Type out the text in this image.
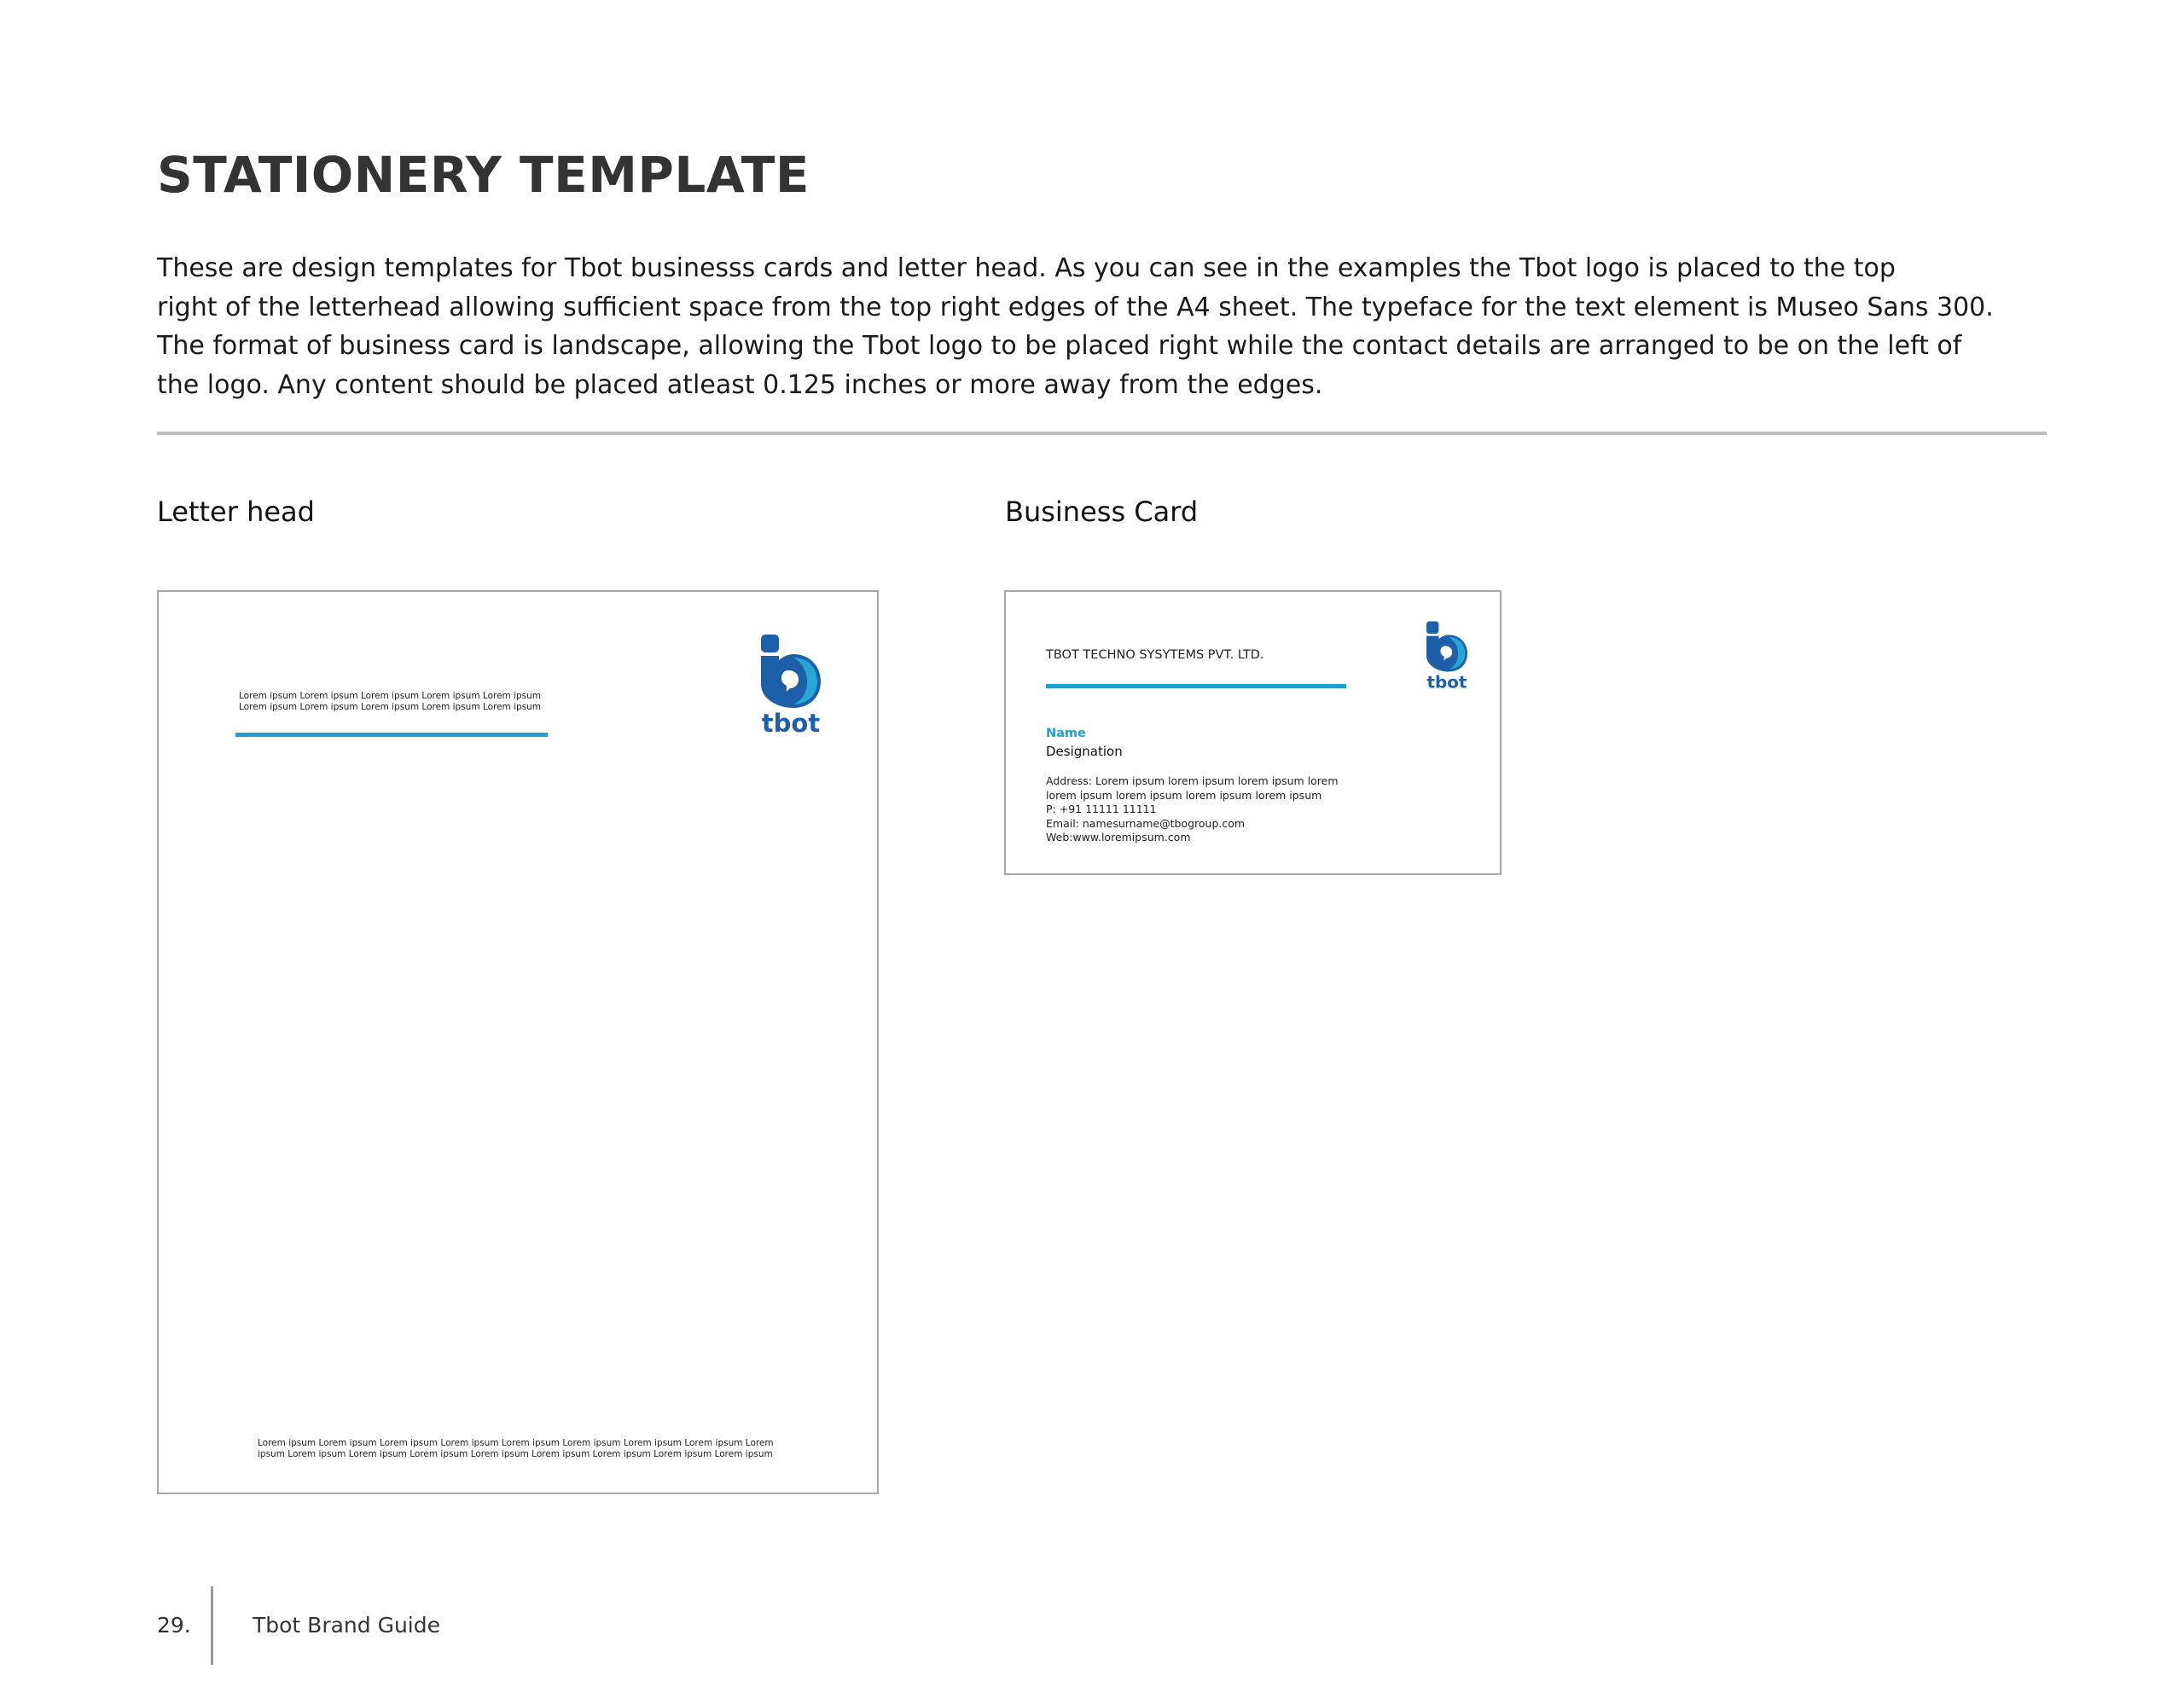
STATIONERY TEMPLATE

These are design templates for Tbot businesss cards and letter head. As you can see in the examples the Tbot logo is placed to the top
right of the letterhead allowing sufficient space from the top right edges of the A4 sheet. The typeface for the text element is Museo Sans 300.
The format of business card is landscape, allowing the Tbot logo to be placed right while the contact details are arranged to be on the left of
the logo. Any content should be placed atleast 0.125 inches or more away from the edges.

Letter head	Business Card
Lorem ipsum Lorem ipsum Lorem ipsum Lorem ipsum Lorem ipsum
Lorem ipsum Lorem ipsum Lorem ipsum Lorem ipsum Lorem ipsum
tbot
Lorem ipsum Lorem ipsum Lorem ipsum Lorem ipsum Lorem ipsum Lorem ipsum Lorem ipsum Lorem ipsum Lorem
ipsum Lorem ipsum Lorem ipsum Lorem ipsum Lorem ipsum Lorem ipsum Lorem ipsum Lorem ipsum Lorem ipsum
TBOT TECHNO SYSYTEMS PVT. LTD.
Name
Designation
Address: Lorem ipsum lorem ipsum lorem ipsum lorem
lorem ipsum lorem ipsum lorem ipsum lorem ipsum
P: +91 11111 11111
Email: namesurname@tbogroup.com
Web:www.loremipsum.com
tbot
29.	Tbot Brand Guide
